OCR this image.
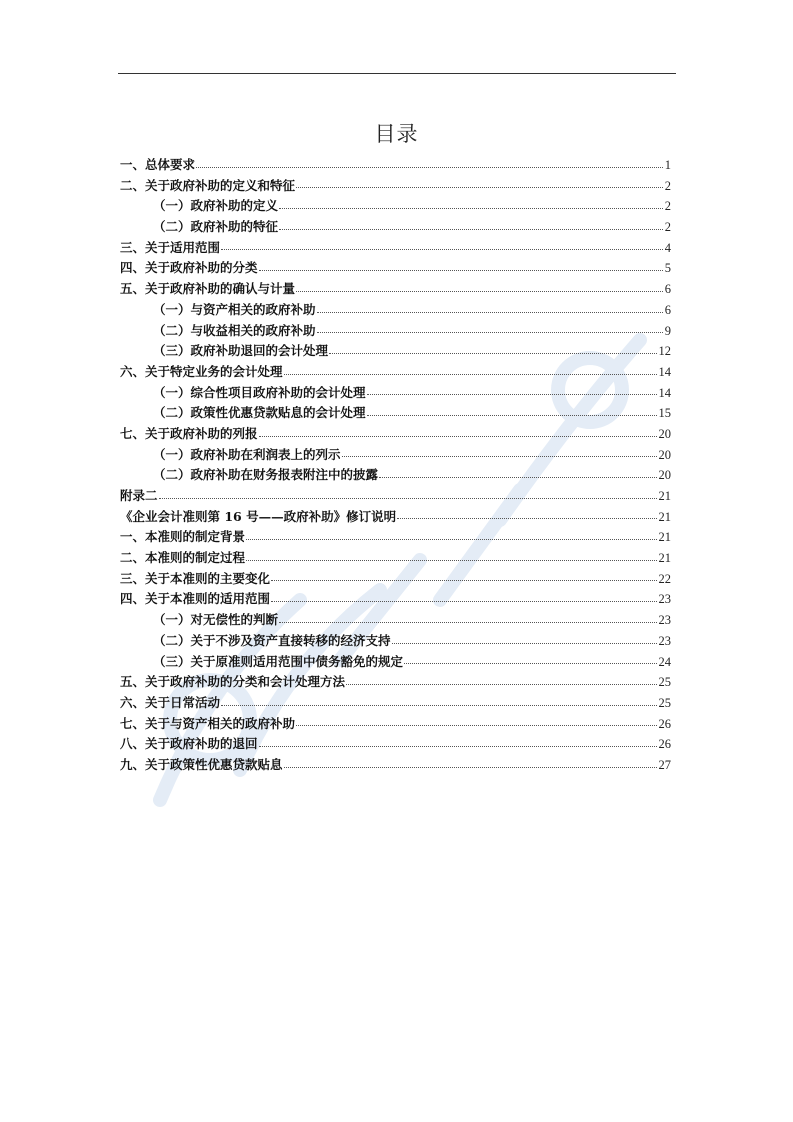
目录
一、总体要求	1
二、关于政府补助的定义和特征	2
（一）政府补助的定义	2
（二）政府补助的特征	2
三、关于适用范围	4
四、关于政府补助的分类	5
五、关于政府补助的确认与计量	6
（一）与资产相关的政府补助	6
（二）与收益相关的政府补助	9
（三）政府补助退回的会计处理	12
六、关于特定业务的会计处理	14
（一）综合性项目政府补助的会计处理	14
（二）政策性优惠贷款贴息的会计处理	15
七、关于政府补助的列报	20
（一）政府补助在利润表上的列示	20
（二）政府补助在财务报表附注中的披露	20
附录二	21
《企业会计准则第 16 号——政府补助》修订说明	21
一、本准则的制定背景	21
二、本准则的制定过程	21
三、关于本准则的主要变化	22
四、关于本准则的适用范围	23
（一）对无偿性的判断	23
（二）关于不涉及资产直接转移的经济支持	23
（三）关于原准则适用范围中债务豁免的规定	24
五、关于政府补助的分类和会计处理方法	25
六、关于日常活动	25
七、关于与资产相关的政府补助	26
八、关于政府补助的退回	26
九、关于政策性优惠贷款贴息	27
